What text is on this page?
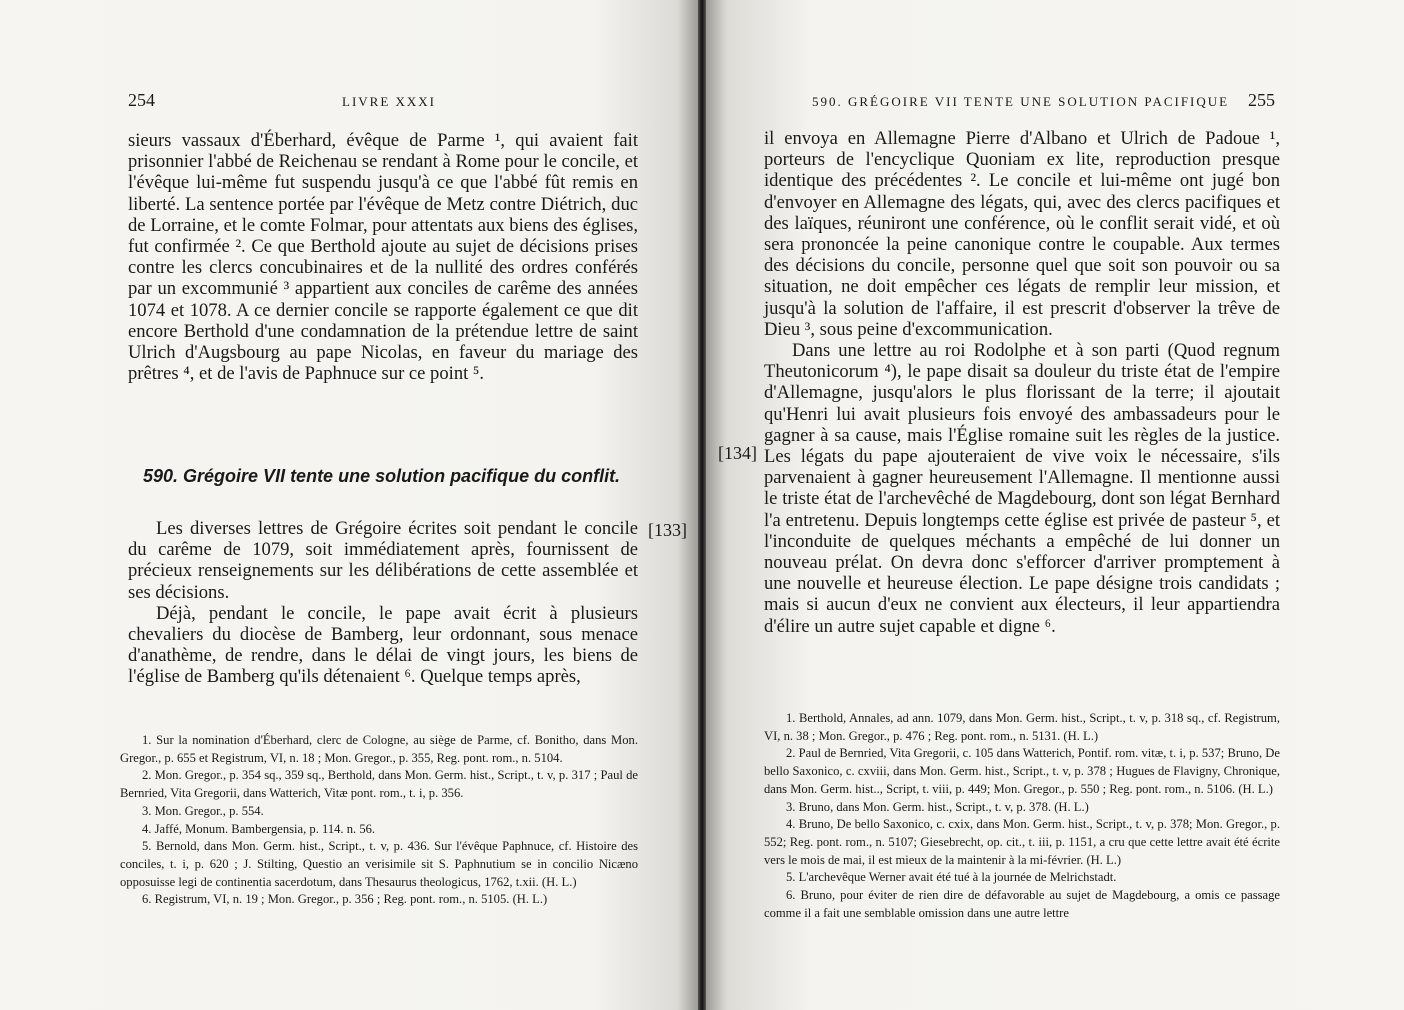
254	LIVRE XXXI

sieurs vassaux d'Éberhard, évêque de Parme ¹, qui avaient fait prisonnier l'abbé de Reichenau se rendant à Rome pour le concile, et l'évêque lui-même fut suspendu jusqu'à ce que l'abbé fût remis en liberté. La sentence portée par l'évêque de Metz contre Diétrich, duc de Lorraine, et le comte Folmar, pour attentats aux biens des églises, fut confirmée ². Ce que Berthold ajoute au sujet de décisions prises contre les clercs concubinaires et de la nullité des ordres conférés par un excommunié ³ appartient aux conciles de carême des années 1074 et 1078. A ce dernier concile se rapporte également ce que dit encore Berthold d'une condamnation de la prétendue lettre de saint Ulrich d'Augsbourg au pape Nicolas, en faveur du mariage des prêtres ⁴, et de l'avis de Paphnuce sur ce point ⁵.

590. Grégoire VII tente une solution pacifique du conflit.
[133]

Les diverses lettres de Grégoire écrites soit pendant le concile du carême de 1079, soit immédiatement après, fournissent de précieux renseignements sur les délibérations de cette assemblée et ses décisions.

Déjà, pendant le concile, le pape avait écrit à plusieurs chevaliers du diocèse de Bamberg, leur ordonnant, sous menace d'anathème, de rendre, dans le délai de vingt jours, les biens de l'église de Bamberg qu'ils détenaient ⁶. Quelque temps après,

1. Sur la nomination d'Éberhard, clerc de Cologne, au siège de Parme, cf. Bonitho, dans Mon. Gregor., p. 655 et Registrum, VI, n. 18 ; Mon. Gregor., p. 355, Reg. pont. rom., n. 5104.

2. Mon. Gregor., p. 354 sq., 359 sq., Berthold, dans Mon. Germ. hist., Script., t. v, p. 317 ; Paul de Bernried, Vita Gregorii, dans Watterich, Vitæ pont. rom., t. i, p. 356.

3. Mon. Gregor., p. 554.

4. Jaffé, Monum. Bambergensia, p. 114. n. 56.

5. Bernold, dans Mon. Germ. hist., Script., t. v, p. 436. Sur l'évêque Paphnuce, cf. Histoire des conciles, t. i, p. 620 ; J. Stilting, Questio an verisimile sit S. Paphnutium se in concilio Nicæno opposuisse legi de continentia sacerdotum, dans Thesaurus theologicus, 1762, t.xii. (H. L.)

6. Registrum, VI, n. 19 ; Mon. Gregor., p. 356 ; Reg. pont. rom., n. 5105. (H. L.)

590. GRÉGOIRE VII TENTE UNE SOLUTION PACIFIQUE 255
[134]

il envoya en Allemagne Pierre d'Albano et Ulrich de Padoue ¹, porteurs de l'encyclique Quoniam ex lite, reproduction presque identique des précédentes ². Le concile et lui-même ont jugé bon d'envoyer en Allemagne des légats, qui, avec des clercs pacifiques et des laïques, réuniront une conférence, où le conflit serait vidé, et où sera prononcée la peine canonique contre le coupable. Aux termes des décisions du concile, personne quel que soit son pouvoir ou sa situation, ne doit empêcher ces légats de remplir leur mission, et jusqu'à la solution de l'affaire, il est prescrit d'observer la trêve de Dieu ³, sous peine d'excommunication.

Dans une lettre au roi Rodolphe et à son parti (Quod regnum Theutonicorum ⁴), le pape disait sa douleur du triste état de l'empire d'Allemagne, jusqu'alors le plus florissant de la terre; il ajoutait qu'Henri lui avait plusieurs fois envoyé des ambassadeurs pour le gagner à sa cause, mais l'Église romaine suit les règles de la justice. Les légats du pape ajouteraient de vive voix le nécessaire, s'ils parvenaient à gagner heureusement l'Allemagne. Il mentionne aussi le triste état de l'archevêché de Magdebourg, dont son légat Bernhard l'a entretenu. Depuis longtemps cette église est privée de pasteur ⁵, et l'inconduite de quelques méchants a empêché de lui donner un nouveau prélat. On devra donc s'efforcer d'arriver promptement à une nouvelle et heureuse élection. Le pape désigne trois candidats ; mais si aucun d'eux ne convient aux électeurs, il leur appartiendra d'élire un autre sujet capable et digne ⁶.

1. Berthold, Annales, ad ann. 1079, dans Mon. Germ. hist., Script., t. v, p. 318 sq., cf. Registrum, VI, n. 38 ; Mon. Gregor., p. 476 ; Reg. pont. rom., n. 5131. (H. L.)

2. Paul de Bernried, Vita Gregorii, c. 105 dans Watterich, Pontif. rom. vitæ, t. i, p. 537; Bruno, De bello Saxonico, c. cxviii, dans Mon. Germ. hist., Script., t. v, p. 378 ; Hugues de Flavigny, Chronique, dans Mon. Germ. hist.., Script, t. viii, p. 449; Mon. Gregor., p. 550 ; Reg. pont. rom., n. 5106. (H. L.)

3. Bruno, dans Mon. Germ. hist., Script., t. v, p. 378. (H. L.)

4. Bruno, De bello Saxonico, c. cxix, dans Mon. Germ. hist., Script., t. v, p. 378; Mon. Gregor., p. 552; Reg. pont. rom., n. 5107; Giesebrecht, op. cit., t. iii, p. 1151, a cru que cette lettre avait été écrite vers le mois de mai, il est mieux de la maintenir à la mi-février. (H. L.)

5. L'archevêque Werner avait été tué à la journée de Melrichstadt.

6. Bruno, pour éviter de rien dire de défavorable au sujet de Magdebourg, a omis ce passage comme il a fait une semblable omission dans une autre lettre
